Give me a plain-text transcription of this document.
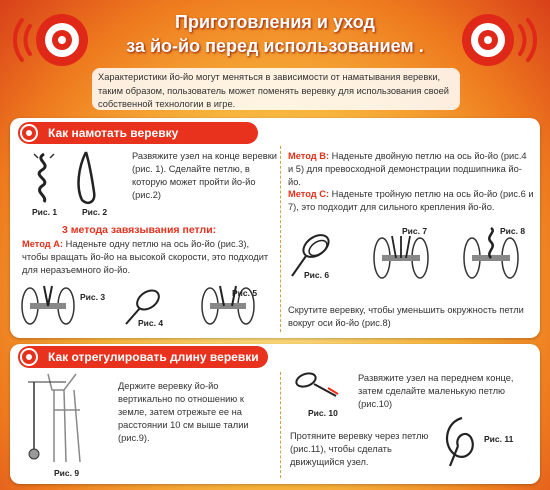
Приготовления и уход
за йо-йо перед использованием .
Характеристики йо-йо могут меняться в зависимости от наматывания веревки, таким образом, пользователь может поменять веревку для использования своей собственной технологии в игре.
Как намотать веревку
Рис. 1	Рис. 2
Развяжите узел на конце веревки (рис. 1). Сделайте петлю, в которую может пройти йо-йо (рис.2)
3 метода завязывания петли:
Метод A: Наденьте одну петлю на ось йо-йо (рис.3), чтобы вращать йо-йо на высокой скорости, это подходит для неразъемного йо-йо.
Рис. 3
Рис. 4
Рис. 5
Метод B: Наденьте двойную петлю на ось йо-йо (рис.4 и 5) для превосходной демонстрации подшипника йо-йо.
Метод C: Наденьте тройную петлю на ось йо-йо (рис.6 и 7), это подходит для сильного крепления йо-йо.
Рис. 6
Рис. 7	Рис. 8
Скрутите веревку, чтобы уменьшить окружность петли вокруг оси йо-йо (рис.8)
Как отрегулировать длину веревки
Рис. 9
Держите веревку йо-йо вертикально по отношению к земле, затем отрежьте ее на расстоянии 10 см выше талии (рис.9).
Рис. 10
Развяжите узел на переднем конце, затем сделайте маленькую петлю (рис.10)
Протяните веревку через петлю (рис.11), чтобы сделать движущийся узел.
Рис. 11
